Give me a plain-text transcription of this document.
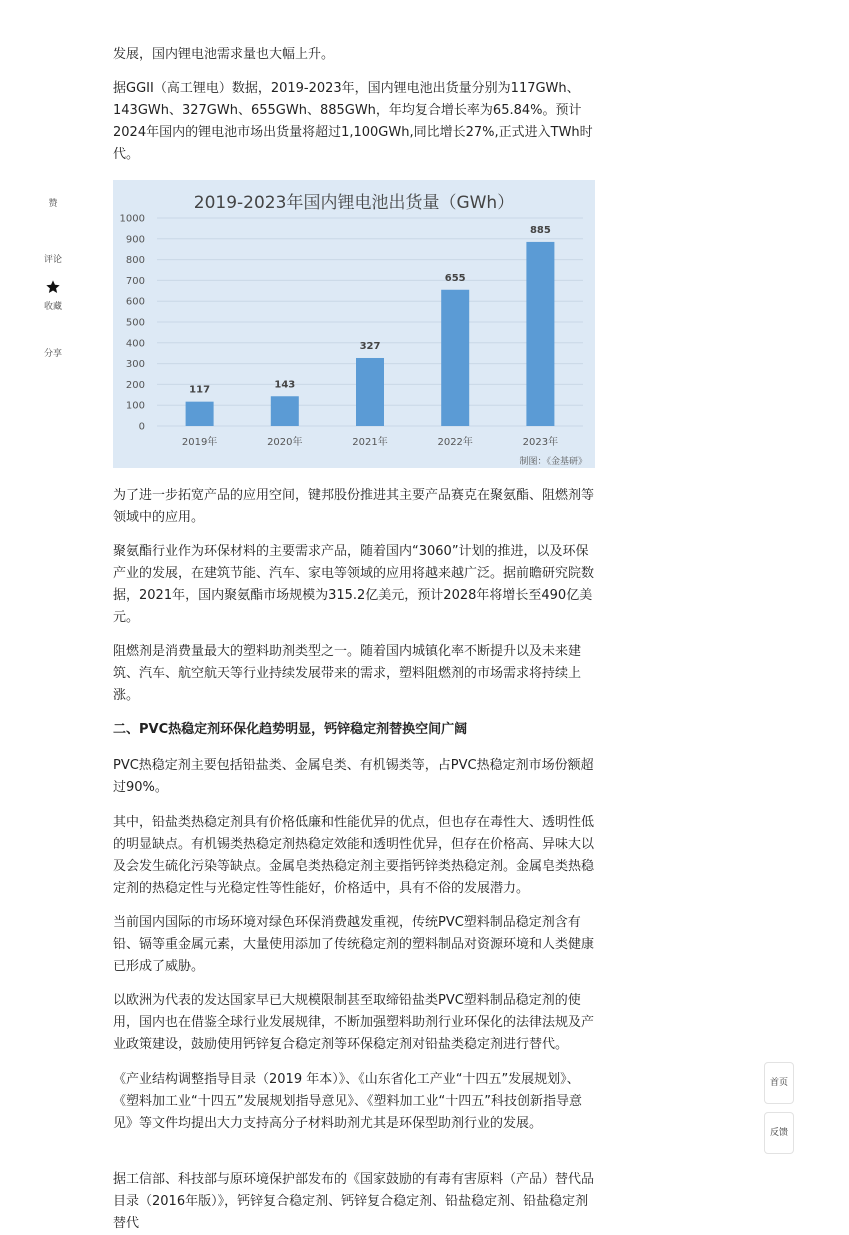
赞
评论
收藏
分享

发展，国内锂电池需求量也大幅上升。

据GGII（高工锂电）数据，2019-2023年，国内锂电池出货量分别为117GWh、143GWh、327GWh、655GWh、885GWh，年均复合增长率为65.84%。预计2024年国内的锂电池市场出货量将超过1,100GWh,同比增长27%,正式进入TWh时代。

2019-2023年国内锂电池出货量（GWh）
0
100
200
300
400
500
600
700
800
900
1000
117
2019年
143
2020年
327
2021年
655
2022年
885
2023年
制图：《金基研》

为了进一步拓宽产品的应用空间，键邦股份推进其主要产品赛克在聚氨酯、阻燃剂等领域中的应用。

聚氨酯行业作为环保材料的主要需求产品，随着国内“3060”计划的推进，以及环保产业的发展，在建筑节能、汽车、家电等领域的应用将越来越广泛。据前瞻研究院数据，2021年，国内聚氨酯市场规模为315.2亿美元，预计2028年将增长至490亿美元。

阻燃剂是消费量最大的塑料助剂类型之一。随着国内城镇化率不断提升以及未来建筑、汽车、航空航天等行业持续发展带来的需求，塑料阻燃剂的市场需求将持续上涨。

二、PVC热稳定剂环保化趋势明显，钙锌稳定剂替换空间广阔

PVC热稳定剂主要包括铅盐类、金属皂类、有机锡类等，占PVC热稳定剂市场份额超过90%。

其中，铅盐类热稳定剂具有价格低廉和性能优异的优点，但也存在毒性大、透明性低的明显缺点。有机锡类热稳定剂热稳定效能和透明性优异，但存在价格高、异味大以及会发生硫化污染等缺点。金属皂类热稳定剂主要指钙锌类热稳定剂。金属皂类热稳定剂的热稳定性与光稳定性等性能好，价格适中，具有不俗的发展潜力。

当前国内国际的市场环境对绿色环保消费越发重视，传统PVC塑料制品稳定剂含有铅、镉等重金属元素，大量使用添加了传统稳定剂的塑料制品对资源环境和人类健康已形成了威胁。

以欧洲为代表的发达国家早已大规模限制甚至取缔铅盐类PVC塑料制品稳定剂的使用，国内也在借鉴全球行业发展规律，不断加强塑料助剂行业环保化的法律法规及产业政策建设，鼓励使用钙锌复合稳定剂等环保稳定剂对铅盐类稳定剂进行替代。

《产业结构调整指导目录（2019 年本）》、《山东省化工产业“十四五”发展规划》、《塑料加工业“十四五”发展规划指导意见》、《塑料加工业“十四五”科技创新指导意见》等文件均提出大力支持高分子材料助剂尤其是环保型助剂行业的发展。

据工信部、科技部与原环境保护部发布的《国家鼓励的有毒有害原料（产品）替代品目录（2016年版）》，钙锌复合稳定剂、钙锌复合稳定剂、铅盐稳定剂、铅盐稳定剂替代

首页
反馈
